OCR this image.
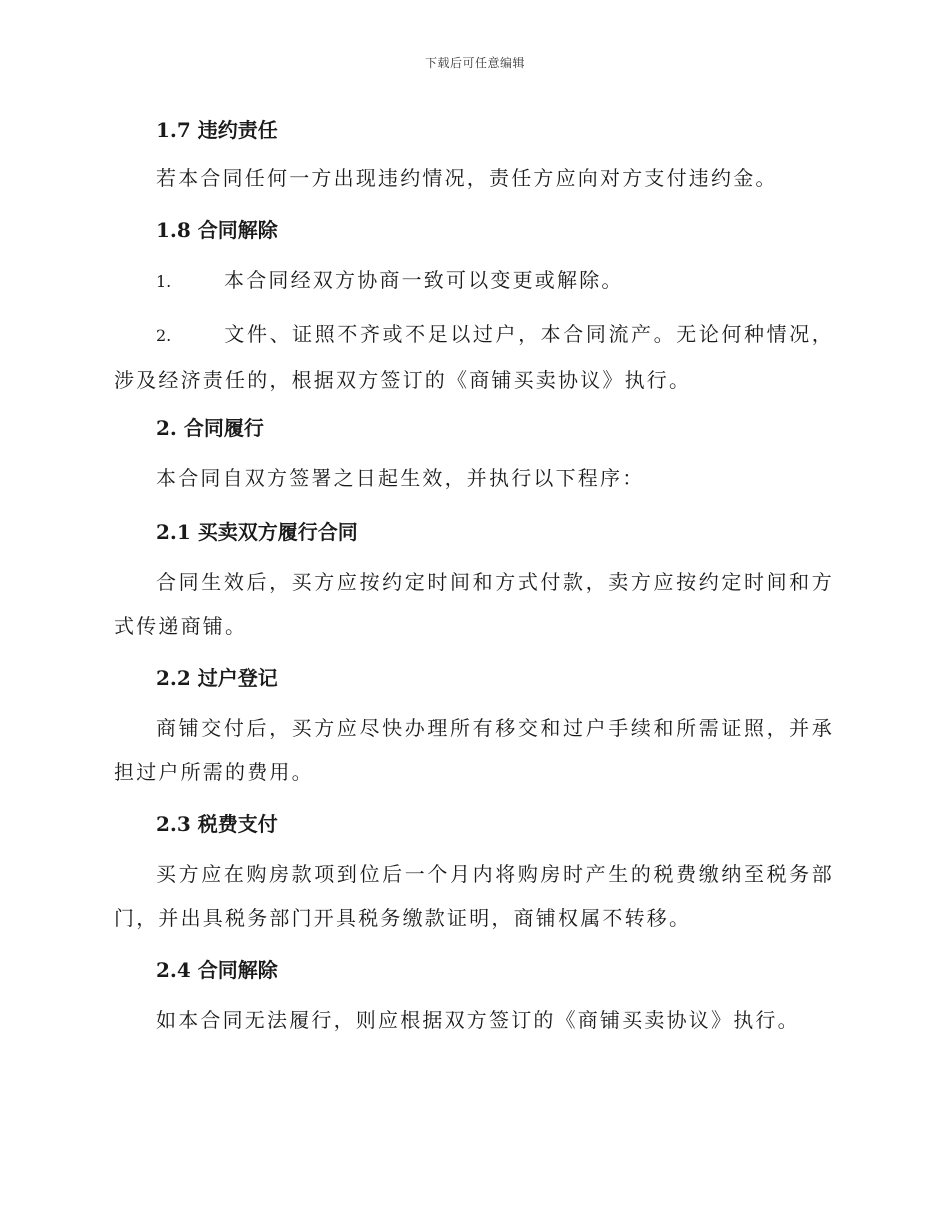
下载后可任意编辑
1.7 违约责任
若本合同任何一方出现违约情况，责任方应向对方支付违约金。
1.8 合同解除
1.	本合同经双方协商一致可以变更或解除。
2.	文件、证照不齐或不足以过户，本合同流产。无论何种情况，涉及经济责任的，根据双方签订的《商铺买卖协议》执行。
2. 合同履行
本合同自双方签署之日起生效，并执行以下程序：
2.1 买卖双方履行合同
合同生效后，买方应按约定时间和方式付款，卖方应按约定时间和方式传递商铺。
2.2 过户登记
商铺交付后，买方应尽快办理所有移交和过户手续和所需证照，并承担过户所需的费用。
2.3 税费支付
买方应在购房款项到位后一个月内将购房时产生的税费缴纳至税务部门，并出具税务部门开具税务缴款证明，商铺权属不转移。
2.4 合同解除
如本合同无法履行，则应根据双方签订的《商铺买卖协议》执行。
